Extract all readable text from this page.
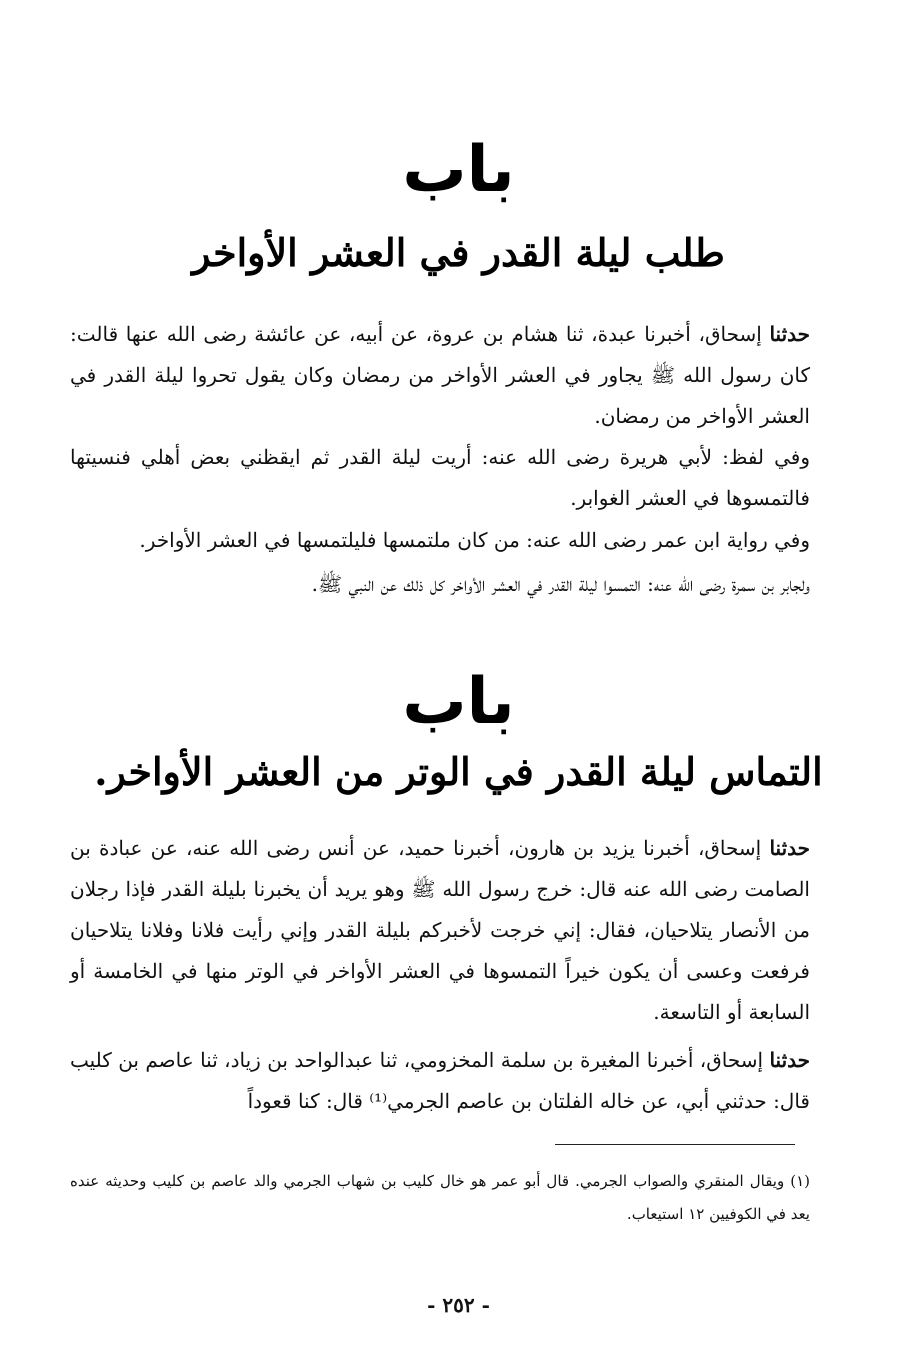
باب
طلب ليلة القدر في العشر الأواخر

حدثنا إسحاق، أخبرنا عبدة، ثنا هشام بن عروة، عن أبيه، عن عائشة رضى الله عنها قالت: كان رسول الله ﷺ يجاور في العشر الأواخر من رمضان وكان يقول تحروا ليلة القدر في العشر الأواخر من رمضان.

وفي لفظ: لأبي هريرة رضى الله عنه: أريت ليلة القدر ثم ايقظني بعض أهلي فنسيتها فالتمسوها في العشر الغوابر.

وفي رواية ابن عمر رضى الله عنه: من كان ملتمسها فليلتمسها في العشر الأواخر.

ولجابر بن سمرة رضى الله عنه: التمسوا ليلة القدر في العشر الأواخر كل ذلك عن النبي ﷺ.

باب
التماس ليلة القدر في الوتر من العشر الأواخر.

حدثنا إسحاق، أخبرنا يزيد بن هارون، أخبرنا حميد، عن أنس رضى الله عنه، عن عبادة بن الصامت رضى الله عنه قال: خرج رسول الله ﷺ وهو يريد أن يخبرنا بليلة القدر فإذا رجلان من الأنصار يتلاحيان، فقال: إني خرجت لأخبركم بليلة القدر وإني رأيت فلانا وفلانا يتلاحيان فرفعت وعسى أن يكون خيراً التمسوها في العشر الأواخر في الوتر منها في الخامسة أو السابعة أو التاسعة.

حدثنا إسحاق، أخبرنا المغيرة بن سلمة المخزومي، ثنا عبدالواحد بن زياد، ثنا عاصم بن كليب قال: حدثني أبي، عن خاله الفلتان بن عاصم الجرمي⁽¹⁾ قال: كنا قعوداً

(١) ويقال المنقري والصواب الجرمي. قال أبو عمر هو خال كليب بن شهاب الجرمي والد عاصم بن كليب وحديثه عنده يعد في الكوفيين ١٢ استيعاب.

- ٢٥٢ -
